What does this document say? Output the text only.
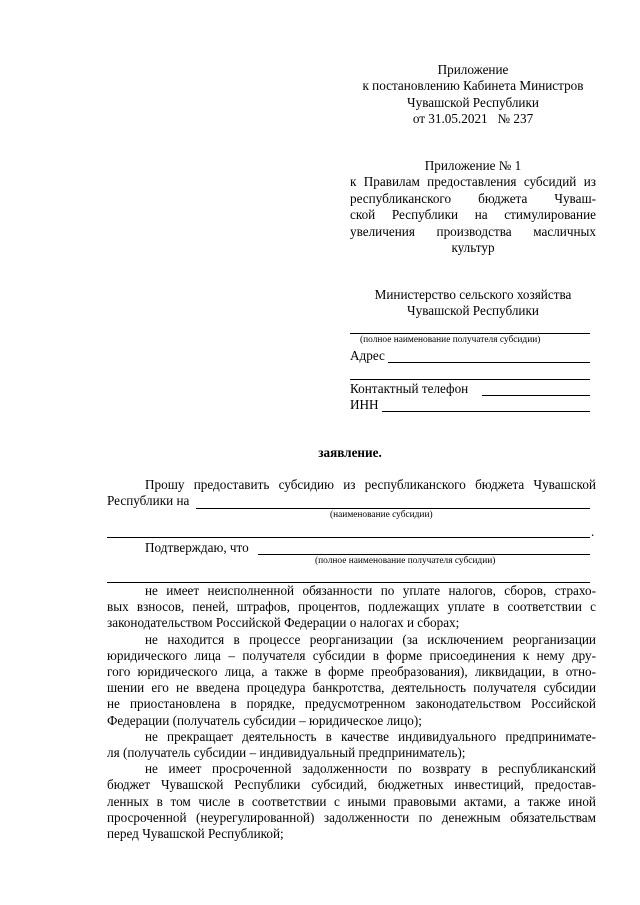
Приложение
к постановлению Кабинета Министров
Чувашской Республики
от 31.05.2021   № 237
Приложение № 1
к Правилам предоставления субсидий из
республиканского бюджета Чуваш-
ской Республики на стимулирование
увеличения производства масличных
культур
Министерство сельского хозяйства
Чувашской Республики
(полное наименование получателя субсидии)
Адрес
Контактный телефон
ИНН
заявление.
Прошу предоставить субсидию из республиканского бюджета Чувашской
Республики на
(наименование субсидии)
.
Подтверждаю, что
(полное наименование получателя субсидии)
не имеет неисполненной обязанности по уплате налогов, сборов, страхо-
вых взносов, пеней, штрафов, процентов, подлежащих уплате в соответствии с
законодательством Российской Федерации о налогах и сборах;
не находится в процессе реорганизации (за исключением реорганизации
юридического лица – получателя субсидии в форме присоединения к нему дру-
гого юридического лица, а также в форме преобразования), ликвидации, в отно-
шении его не введена процедура банкротства, деятельность получателя субсидии
не приостановлена в порядке, предусмотренном законодательством Российской
Федерации (получатель субсидии – юридическое лицо);
не прекращает деятельность в качестве индивидуального предпринимате-
ля (получатель субсидии – индивидуальный предприниматель);
не имеет просроченной задолженности по возврату в республиканский
бюджет Чувашской Республики субсидий, бюджетных инвестиций, предостав-
ленных в том числе в соответствии с иными правовыми актами, а также иной
просроченной (неурегулированной) задолженности по денежным обязательствам
перед Чувашской Республикой;
